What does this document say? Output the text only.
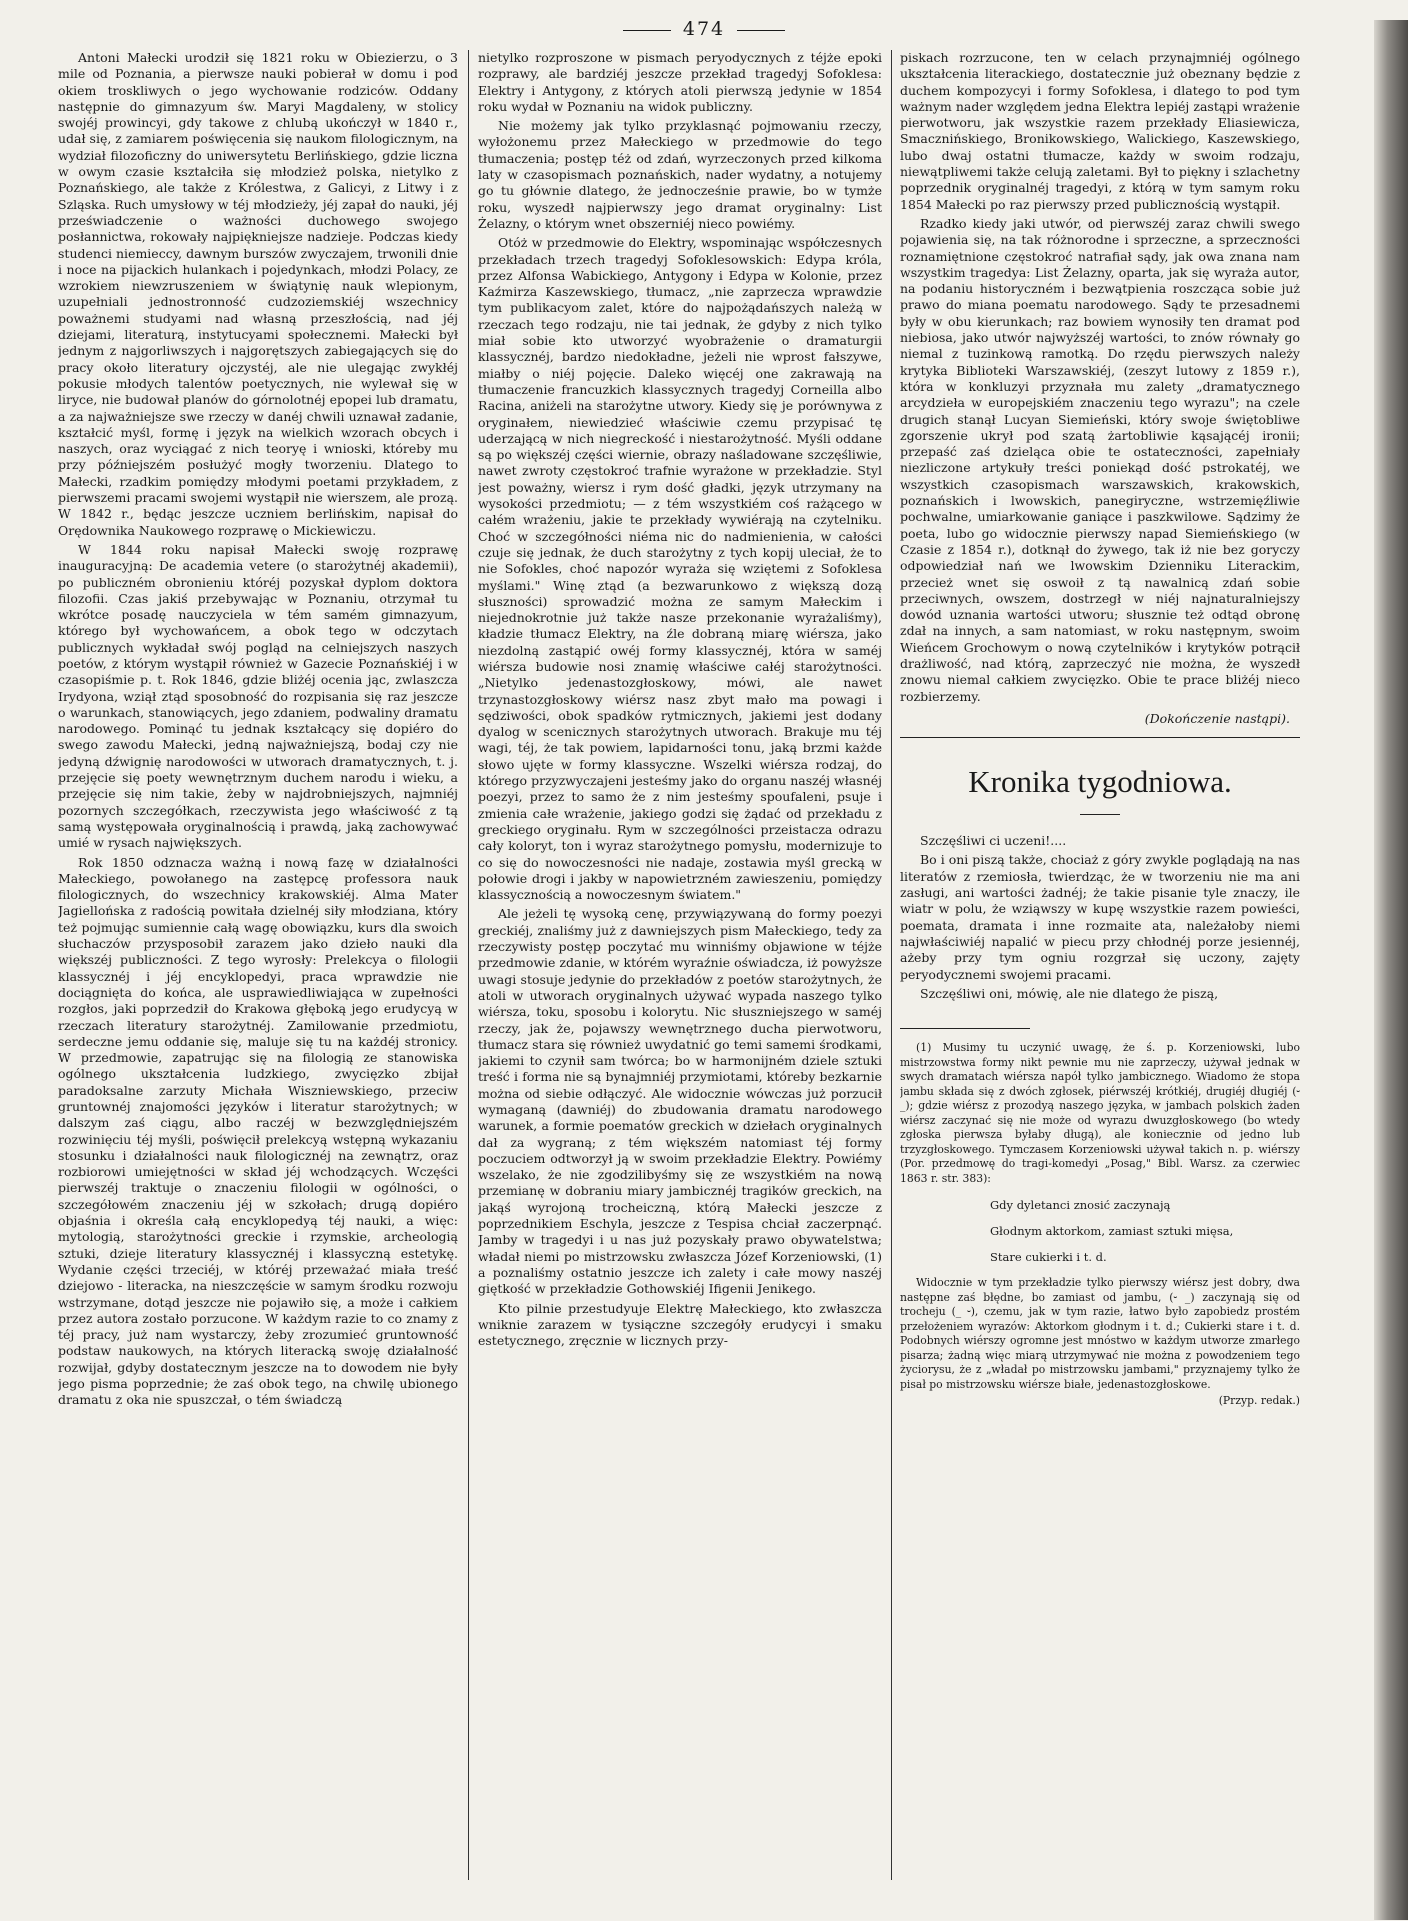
474

Antoni Małecki urodził się 1821 roku w Obiezierzu, o 3 mile od Poznania, a pierwsze nauki pobierał w domu i pod okiem troskliwych o jego wychowanie rodziców. Oddany następnie do gimnazyum św. Maryi Magdaleny, w stolicy swojéj prowincyi, gdy takowe z chlubą ukończył w 1840 r., udał się, z zamiarem poświęcenia się naukom filologicznym, na wydział filozoficzny do uniwersytetu Berlińskiego, gdzie liczna w owym czasie kształciła się młodzież polska, nietylko z Poznańskiego, ale także z Królestwa, z Galicyi, z Litwy i z Szląska. Ruch umysłowy w téj młodzieży, jéj zapał do nauki, jéj przeświadczenie o ważności duchowego swojego posłannictwa, rokowały najpiękniejsze nadzieje. Podczas kiedy studenci niemieccy, dawnym burszów zwyczajem, trwonili dnie i noce na pijackich hulankach i pojedynkach, młodzi Polacy, ze wzrokiem niewzruszeniem w świątynię nauk wlepionym, uzupełniali jednostronność cudzoziemskiéj wszechnicy poważnemi studyami nad własną przeszłością, nad jéj dziejami, literaturą, instytucyami społecznemi. Małecki był jednym z najgorliwszych i najgorętszych zabiegających się do pracy około literatury ojczystéj, ale nie ulegając zwykłéj pokusie młodych talentów poetycznych, nie wylewał się w liryce, nie budował planów do górnolotnéj epopei lub dramatu, a za najważniejsze swe rzeczy w danéj chwili uznawał zadanie, kształcić myśl, formę i język na wielkich wzorach obcych i naszych, oraz wyciągać z nich teoryę i wnioski, któreby mu przy późniejszém posłużyć mogły tworzeniu. Dlatego to Małecki, rzadkim pomiędzy młodymi poetami przykładem, z pierwszemi pracami swojemi wystąpił nie wierszem, ale prozą. W 1842 r., będąc jeszcze uczniem berlińskim, napisał do Orędownika Naukowego rozprawę o Mickiewiczu.

W 1844 roku napisał Małecki swoję rozprawę inauguracyjną: De academia vetere (o starożytnéj akademii), po publiczném obronieniu któréj pozyskał dyplom doktora filozofii. Czas jakiś przebywając w Poznaniu, otrzymał tu wkrótce posadę nauczyciela w tém samém gimnazyum, którego był wychowańcem, a obok tego w odczytach publicznych wykładał swój pogląd na celniejszych naszych poetów, z którym wystąpił również w Gazecie Poznańskiéj i w czasopiśmie p. t. Rok 1846, gdzie bliżéj ocenia jąc, zwlaszcza Irydyona, wziął ztąd sposobność do rozpisania się raz jeszcze o warunkach, stanowiących, jego zdaniem, podwaliny dramatu narodowego. Pominąć tu jednak kształcący się dopiéro do swego zawodu Małecki, jedną najważniejszą, bodaj czy nie jedyną dźwignię narodowości w utworach dramatycznych, t. j. przejęcie się poety wewnętrznym duchem narodu i wieku, a przejęcie się nim takie, żeby w najdrobniejszych, najmniéj pozornych szczegółkach, rzeczywista jego właściwość z tą samą występowała oryginalnością i prawdą, jaką zachowywać umié w rysach największych.

Rok 1850 odznacza ważną i nową fazę w działalności Małeckiego, powołanego na zastępcę professora nauk filologicznych, do wszechnicy krakowskiéj. Alma Mater Jagiellońska z radością powitała dzielnéj siły młodziana, który też pojmując sumiennie całą wagę obowiązku, kurs dla swoich słuchaczów przysposobił zarazem jako dzieło nauki dla większéj publiczności. Z tego wyrosły: Prelekcya o filologii klassycznéj i jéj encyklopedyi, praca wprawdzie nie dociągnięta do końca, ale usprawiedliwiająca w zupełności rozgłos, jaki poprzedził do Krakowa głęboką jego erudycyą w rzeczach literatury starożytnéj. Zamilowanie przedmiotu, serdeczne jemu oddanie się, maluje się tu na każdéj stronicy. W przedmowie, zapatrując się na filologią ze stanowiska ogólnego ukształcenia ludzkiego, zwycięzko zbijał paradoksalne zarzuty Michała Wiszniewskiego, przeciw gruntownéj znajomości języków i literatur starożytnych; w dalszym zaś ciągu, albo raczéj w bezwzględniejszém rozwinięciu téj myśli, poświęcił prelekcyą wstępną wykazaniu stosunku i działalności nauk filologicznéj na zewnątrz, oraz rozbiorowi umiejętności w skład jéj wchodzących. Wczęści pierwszéj traktuje o znaczeniu filologii w ogólności, o szczegółowém znaczeniu jéj w szkołach; drugą dopiéro objaśnia i określa całą encyklopedyą téj nauki, a więc: mytologią, starożytności greckie i rzymskie, archeologią sztuki, dzieje literatury klassycznéj i klassyczną estetykę. Wydanie części trzeciéj, w któréj przeważać miała treść dziejowo - literacka, na nieszczęście w samym środku rozwoju wstrzymane, dotąd jeszcze nie pojawiło się, a może i całkiem przez autora zostało porzucone. W każdym razie to co znamy z téj pracy, już nam wystarczy, żeby zrozumieć gruntowność podstaw naukowych, na których literacką swoję działalność rozwijał, gdyby dostatecznym jeszcze na to dowodem nie były jego pisma poprzednie; że zaś obok tego, na chwilę ubionego dramatu z oka nie spuszczał, o tém świadczą

nietylko rozproszone w pismach peryodycznych z téjże epoki rozprawy, ale bardziéj jeszcze przekład tragedyj Sofoklesa: Elektry i Antygony, z których atoli pierwszą jedynie w 1854 roku wydał w Poznaniu na widok publiczny.

Nie możemy jak tylko przyklasnąć pojmowaniu rzeczy, wyłożonemu przez Małeckiego w przedmowie do tego tłumaczenia; postęp téż od zdań, wyrzeczonych przed kilkoma laty w czasopismach poznańskich, nader wydatny, a notujemy go tu głównie dlatego, że jednocześnie prawie, bo w tymże roku, wyszedł najpierwszy jego dramat oryginalny: List Żelazny, o którym wnet obszerniéj nieco powiémy.

Otóż w przedmowie do Elektry, wspominając współczesnych przekładach trzech tragedyj Sofoklesowskich: Edypa króla, przez Alfonsa Wabickiego, Antygony i Edypa w Kolonie, przez Kaźmirza Kaszewskiego, tłumacz, „nie zaprzecza wprawdzie tym publikacyom zalet, które do najpożądańszych należą w rzeczach tego rodzaju, nie tai jednak, że gdyby z nich tylko miał sobie kto utworzyć wyobrażenie o dramaturgii klassycznéj, bardzo niedokładne, jeżeli nie wprost fałszywe, miałby o niéj pojęcie. Daleko więcéj one zakrawają na tłumaczenie francuzkich klassycznych tragedyj Corneilla albo Racina, aniżeli na starożytne utwory. Kiedy się je porównywa z oryginałem, niewiedzieć właściwie czemu przypisać tę uderzającą w nich niegreckość i niestarożytność. Myśli oddane są po większéj części wiernie, obrazy naśladowane szczęśliwie, nawet zwroty częstokroć trafnie wyrażone w przekładzie. Styl jest poważny, wiersz i rym dość gładki, język utrzymany na wysokości przedmiotu; — z tém wszystkiém coś rażącego w całém wrażeniu, jakie te przekłady wywiérają na czytelniku. Choć w szczegółności niéma nic do nadmienienia, w całości czuje się jednak, że duch starożytny z tych kopij uleciał, że to nie Sofokles, choć napozór wyraża się wziętemi z Sofoklesa myślami." Winę ztąd (a bezwarunkowo z większą dozą słuszności) sprowadzić można ze samym Małeckim i niejednokrotnie już także nasze przekonanie wyrażaliśmy), kładzie tłumacz Elektry, na źle dobraną miarę wiérsza, jako niezdolną zastąpić owéj formy klassycznéj, która w saméj wiérsza budowie nosi znamię właściwe całéj starożytności. „Nietylko jedenastozgłoskowy, mówi, ale nawet trzynastozgłoskowy wiérsz nasz zbyt mało ma powagi i sędziwości, obok spadków rytmicznych, jakiemi jest dodany dyalog w scenicznych starożytnych utworach. Brakuje mu téj wagi, téj, że tak powiem, lapidarności tonu, jaką brzmi każde słowo ujęte w formy klassyczne. Wszelki wiérsza rodzaj, do którego przyzwyczajeni jesteśmy jako do organu naszéj własnéj poezyi, przez to samo że z nim jesteśmy spoufaleni, psuje i zmienia całe wrażenie, jakiego godzi się żądać od przekładu z greckiego oryginału. Rym w szczególności przeistacza odrazu cały koloryt, ton i wyraz starożytnego pomysłu, modernizuje to co się do nowoczesności nie nadaje, zostawia myśl grecką w połowie drogi i jakby w napowietrzném zawieszeniu, pomiędzy klassycznością a nowoczesnym światem."

Ale jeżeli tę wysoką cenę, przywiązywaną do formy poezyi greckiéj, znaliśmy już z dawniejszych pism Małeckiego, tedy za rzeczywisty postęp poczytać mu winniśmy objawione w téjże przedmowie zdanie, w którém wyraźnie oświadcza, iż powyższe uwagi stosuje jedynie do przekładów z poetów starożytnych, że atoli w utworach oryginalnych używać wypada naszego tylko wiérsza, toku, sposobu i kolorytu. Nic słuszniejszego w saméj rzeczy, jak że, pojawszy wewnętrznego ducha pierwotworu, tłumacz stara się również uwydatnić go temi samemi środkami, jakiemi to czynił sam twórca; bo w harmonijném dziele sztuki treść i forma nie są bynajmniéj przymiotami, któreby bezkarnie można od siebie odłączyć. Ale widocznie wówczas już porzucił wymaganą (dawniéj) do zbudowania dramatu narodowego warunek, a formie poematów greckich w dziełach oryginalnych dał za wygraną; z tém większém natomiast téj formy poczuciem odtworzył ją w swoim przekładzie Elektry. Powiémy wszelako, że nie zgodzilibyśmy się ze wszystkiém na nową przemianę w dobraniu miary jambicznéj tragików greckich, na jakąś wyrojoną trocheiczną, którą Małecki jeszcze z poprzednikiem Eschyla, jeszcze z Tespisa chciał zaczerpnąć. Jamby w tragedyi i u nas już pozyskały prawo obywatelstwa; władał niemi po mistrzowsku zwłaszcza Józef Korzeniowski, (1) a poznaliśmy ostatnio jeszcze ich zalety i całe mowy naszéj giętkość w przekładzie Gothowskiéj Ifigenii Jenikego.

Kto pilnie przestudyuje Elektrę Małeckiego, kto zwłaszcza wniknie zarazem w tysiączne szczegóły erudycyi i smaku estetycznego, zręcznie w licznych przy-

piskach rozrzucone, ten w celach przynajmniéj ogólnego ukształcenia literackiego, dostatecznie już obeznany będzie z duchem kompozycyi i formy Sofoklesa, i dlatego to pod tym ważnym nader względem jedna Elektra lepiéj zastąpi wrażenie pierwotworu, jak wszystkie razem przekłady Eliasiewicza, Smacznińskiego, Bronikowskiego, Walickiego, Kaszewskiego, lubo dwaj ostatni tłumacze, każdy w swoim rodzaju, niewątpliwemi także celują zaletami. Był to piękny i szlachetny poprzednik oryginalnéj tragedyi, z którą w tym samym roku 1854 Małecki po raz pierwszy przed publicznością wystąpił.

Rzadko kiedy jaki utwór, od pierwszéj zaraz chwili swego pojawienia się, na tak różnorodne i sprzeczne, a sprzeczności roznamiętnione częstokroć natrafiał sądy, jak owa znana nam wszystkim tragedya: List Żelazny, oparta, jak się wyraża autor, na podaniu historyczném i bezwątpienia roszcząca sobie już prawo do miana poematu narodowego. Sądy te przesadnemi były w obu kierunkach; raz bowiem wynosiły ten dramat pod niebiosa, jako utwór najwyższéj wartości, to znów równały go niemal z tuzinkową ramotką. Do rzędu pierwszych należy krytyka Biblioteki Warszawskiéj, (zeszyt lutowy z 1859 r.), która w konkluzyi przyznała mu zalety „dramatycznego arcydzieła w europejskiém znaczeniu tego wyrazu"; na czele drugich stanął Lucyan Siemieński, który swoje świętobliwe zgorszenie ukrył pod szatą żartobliwie kąsającéj ironii; przepaść zaś dzieląca obie te ostateczności, zapełniały niezliczone artykuły treści poniekąd dość pstrokatéj, we wszystkich czasopismach warszawskich, krakowskich, poznańskich i lwowskich, panegiryczne, wstrzemięźliwie pochwalne, umiarkowanie ganiące i paszkwilowe. Sądzimy że poeta, lubo go widocznie pierwszy napad Siemieńskiego (w Czasie z 1854 r.), dotknął do żywego, tak iż nie bez goryczy odpowiedział nań we lwowskim Dzienniku Literackim, przecież wnet się oswoił z tą nawalnicą zdań sobie przeciwnych, owszem, dostrzegł w niéj najnaturalniejszy dowód uznania wartości utworu; słusznie też odtąd obronę zdał na innych, a sam natomiast, w roku następnym, swoim Wieńcem Grochowym o nową czytelników i krytyków potrącił drażliwość, nad którą, zaprzeczyć nie można, że wyszedł znowu niemal całkiem zwycięzko. Obie te prace bliżéj nieco rozbierzemy.

(Dokończenie nastąpi).
Kronika tygodniowa.

Szczęśliwi ci uczeni!....

Bo i oni piszą także, chociaż z góry zwykle poglądają na nas literatów z rzemiosła, twierdząc, że w tworzeniu nie ma ani zasługi, ani wartości żadnéj; że takie pisanie tyle znaczy, ile wiatr w polu, że wziąwszy w kupę wszystkie razem powieści, poemata, dramata i inne rozmaite ata, należałoby niemi najwłaściwiéj napalić w piecu przy chłodnéj porze jesiennéj, ażeby przy tym ogniu rozgrzał się uczony, zajęty peryodycznemi swojemi pracami.

Szczęśliwi oni, mówię, ale nie dlatego że piszą,

(1) Musimy tu uczynić uwagę, że ś. p. Korzeniowski, lubo mistrzowstwa formy nikt pewnie mu nie zaprzeczy, używał jednak w swych dramatach wiérsza napół tylko jambicznego. Wiadomo że stopa jambu składa się z dwóch zgłosek, piérwszéj krótkiéj, drugiéj długiéj (⏑ _); gdzie wiérsz z prozodyą naszego języka, w jambach polskich żaden wiérsz zaczynać się nie może od wyrazu dwuzgłoskowego (bo wtedy zgłoska pierwsza byłaby długą), ale koniecznie od jedno lub trzyzgłoskowego. Tymczasem Korzeniowski używał takich n. p. wiérszy (Por. przedmowę do tragi-komedyi „Posag," Bibl. Warsz. za czerwiec 1863 r. str. 383):

Gdy dyletanci znosić zaczynają
Głodnym aktorkom, zamiast sztuki mięsa,
Stare cukierki i t. d.

Widocznie w tym przekładzie tylko pierwszy wiérsz jest dobry, dwa następne zaś błędne, bo zamiast od jambu, (⏑ _) zaczynają się od trocheju (_ ⏑), czemu, jak w tym razie, łatwo było zapobiedz prostém przełożeniem wyrazów: Aktorkom głodnym i t. d.; Cukierki stare i t. d. Podobnych wiérszy ogromne jest mnóstwo w każdym utworze zmarłego pisarza; żadną więc miarą utrzymywać nie można z powodzeniem tego życiorysu, że z „władał po mistrzowsku jambami," przyznajemy tylko że pisał po mistrzowsku wiérsze białe, jedenastozgłoskowe.

(Przyp. redak.)
